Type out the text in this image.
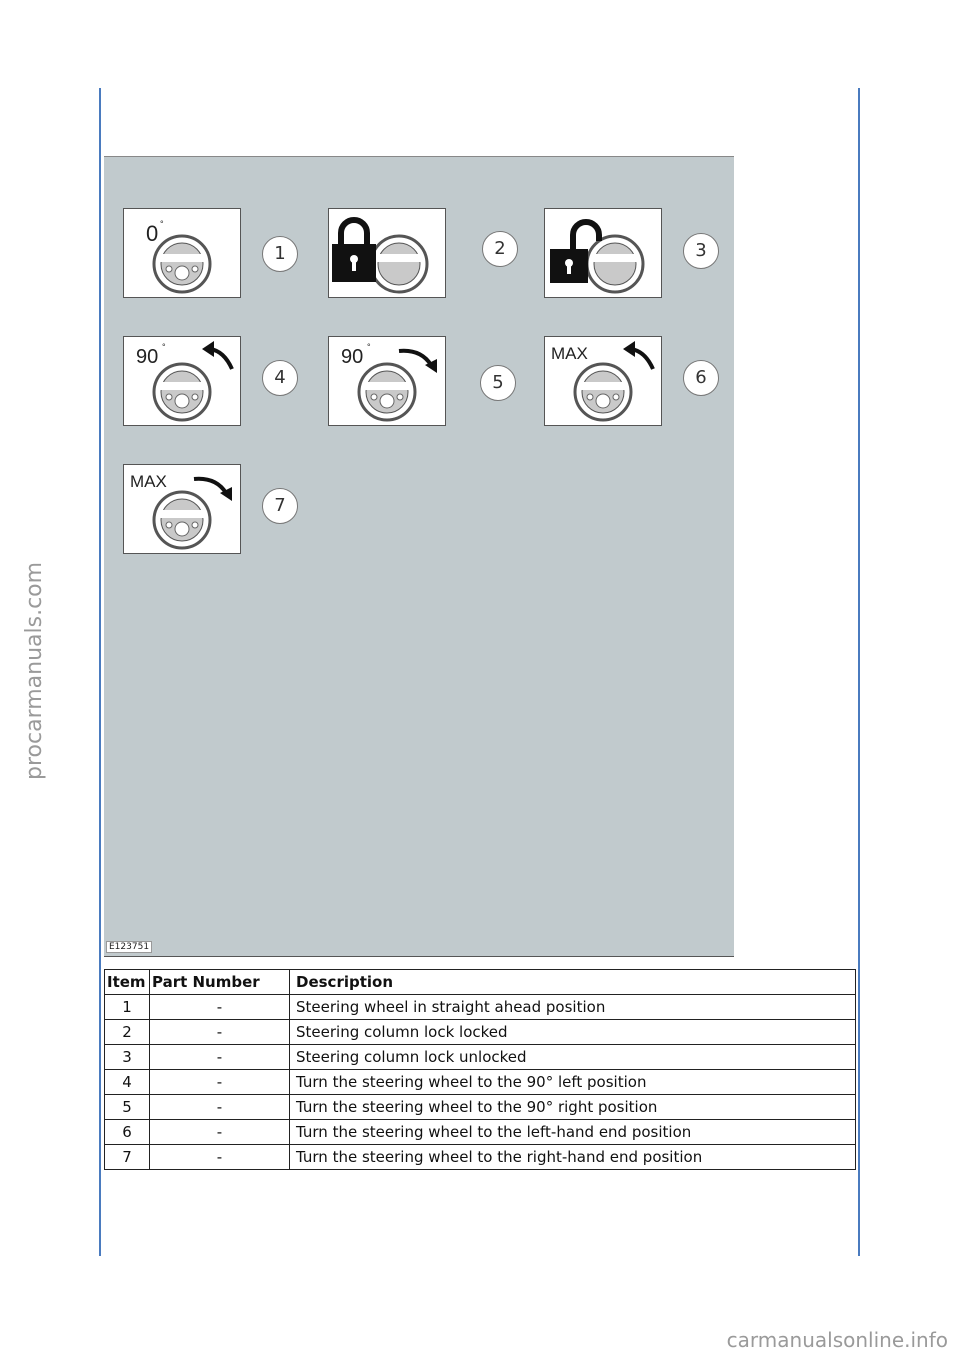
0 °
1	2	3
90 °
4
90 °
5
MAX
6
MAX
7
E123751
Item	Part Number	Description
1	-	Steering wheel in straight ahead position
2	-	Steering column lock locked
3	-	Steering column lock unlocked
4	-	Turn the steering wheel to the 90° left position
5	-	Turn the steering wheel to the 90° right position
6	-	Turn the steering wheel to the left-hand end position
7	-	Turn the steering wheel to the right-hand end position
procarmanuals.com
carmanualsonline.info
